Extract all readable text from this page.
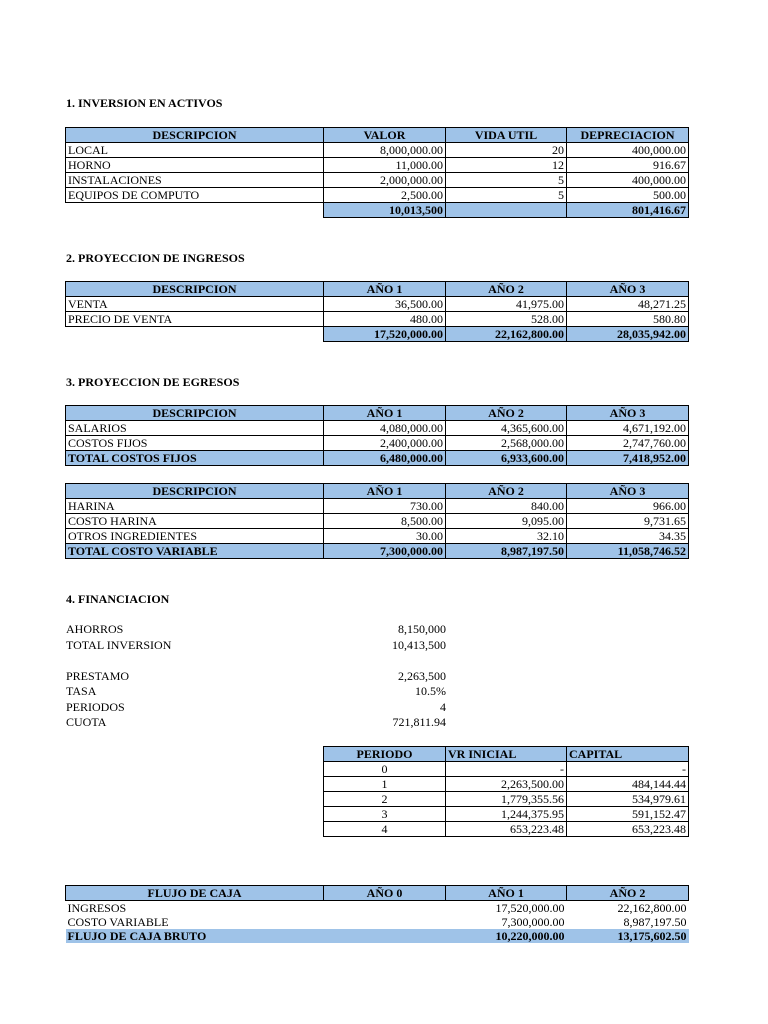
1. INVERSION EN ACTIVOS
DESCRIPCION	VALOR	VIDA UTIL	DEPRECIACION
LOCAL	8,000,000.00	20	400,000.00
HORNO	11,000.00	12	916.67
INSTALACIONES	2,000,000.00	5	400,000.00
EQUIPOS DE COMPUTO	2,500.00	5	500.00
	10,013,500		801,416.67
2. PROYECCION DE INGRESOS
DESCRIPCION	AÑO 1	AÑO 2	AÑO 3
VENTA	36,500.00	41,975.00	48,271.25
PRECIO DE VENTA	480.00	528.00	580.80
	17,520,000.00	22,162,800.00	28,035,942.00
3. PROYECCION DE EGRESOS
DESCRIPCION	AÑO 1	AÑO 2	AÑO 3
SALARIOS	4,080,000.00	4,365,600.00	4,671,192.00
COSTOS FIJOS	2,400,000.00	2,568,000.00	2,747,760.00
TOTAL COSTOS FIJOS	6,480,000.00	6,933,600.00	7,418,952.00
DESCRIPCION	AÑO 1	AÑO 2	AÑO 3
HARINA	730.00	840.00	966.00
COSTO HARINA	8,500.00	9,095.00	9,731.65
OTROS INGREDIENTES	30.00	32.10	34.35
TOTAL COSTO VARIABLE	7,300,000.00	8,987,197.50	11,058,746.52
4. FINANCIACION
AHORROS	8,150,000
TOTAL INVERSION	10,413,500
PRESTAMO	2,263,500
TASA	10.5%
PERIODOS	4
CUOTA	721,811.94
PERIODO	VR INICIAL	CAPITAL
0	-	-
1	2,263,500.00	484,144.44
2	1,779,355.56	534,979.61
3	1,244,375.95	591,152.47
4	653,223.48	653,223.48
FLUJO DE CAJA	AÑO 0	AÑO 1	AÑO 2
INGRESOS		17,520,000.00	22,162,800.00
COSTO VARIABLE		7,300,000.00	8,987,197.50
FLUJO DE CAJA BRUTO		10,220,000.00	13,175,602.50
